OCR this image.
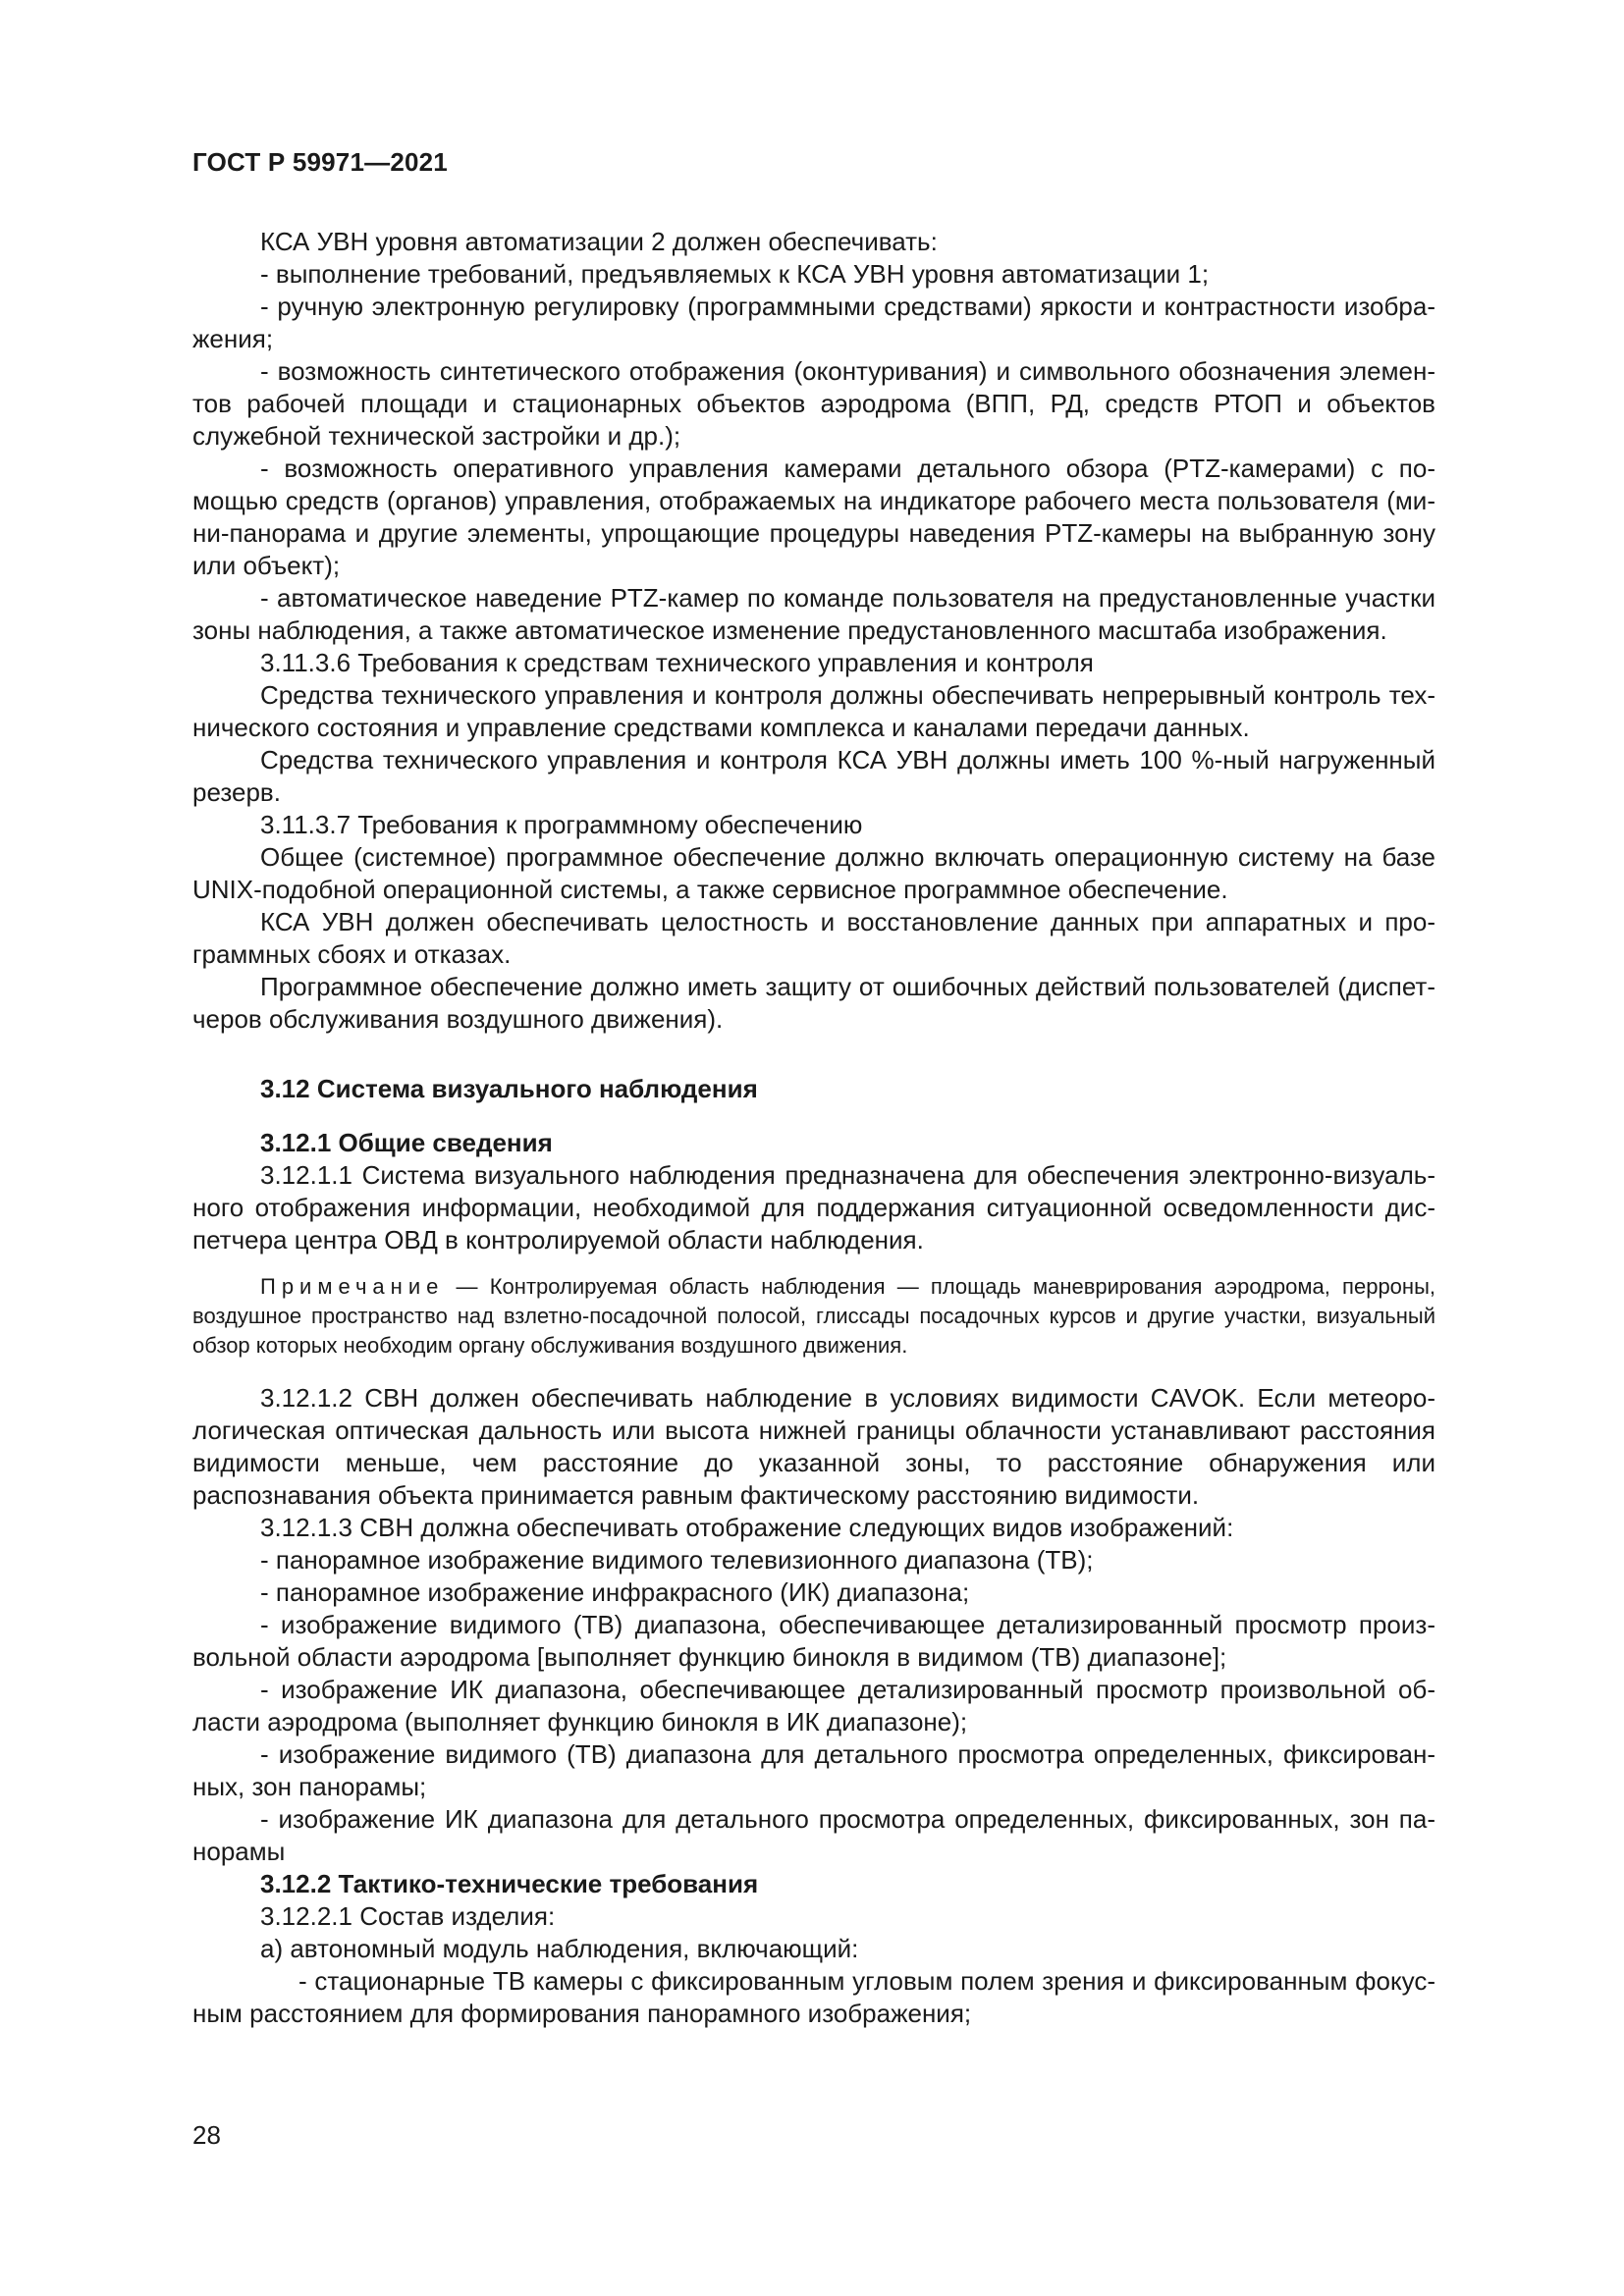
ГОСТ Р 59971—2021

КСА УВН уровня автоматизации 2 должен обеспечивать:

- выполнение требований, предъявляемых к КСА УВН уровня автоматизации 1;

- ручную электронную регулировку (программными средствами) яркости и контрастности изображения;

- возможность синтетического отображения (оконтуривания) и символьного обозначения элементов рабочей площади и стационарных объектов аэродрома (ВПП, РД, средств РТОП и объектов служебной технической застройки и др.);

- возможность оперативного управления камерами детального обзора (PTZ-камерами) с помощью средств (органов) управления, отображаемых на индикаторе рабочего места пользователя (мини-панорама и другие элементы, упрощающие процедуры наведения PTZ-камеры на выбранную зону или объект);

- автоматическое наведение PTZ-камер по команде пользователя на предустановленные участки зоны наблюдения, а также автоматическое изменение предустановленного масштаба изображения.

3.11.3.6 Требования к средствам технического управления и контроля

Средства технического управления и контроля должны обеспечивать непрерывный контроль технического состояния и управление средствами комплекса и каналами передачи данных.

Средства технического управления и контроля КСА УВН должны иметь 100 %-ный нагруженный резерв.

3.11.3.7 Требования к программному обеспечению

Общее (системное) программное обеспечение должно включать операционную систему на базе UNIX-подобной операционной системы, а также сервисное программное обеспечение.

КСА УВН должен обеспечивать целостность и восстановление данных при аппаратных и программных сбоях и отказах.

Программное обеспечение должно иметь защиту от ошибочных действий пользователей (диспетчеров обслуживания воздушного движения).

3.12 Система визуального наблюдения
3.12.1 Общие сведения

3.12.1.1 Система визуального наблюдения предназначена для обеспечения электронно-визуального отображения информации, необходимой для поддержания ситуационной осведомленности диспетчера центра ОВД в контролируемой области наблюдения.

Примечание — Контролируемая область наблюдения — площадь маневрирования аэродрома, перроны, воздушное пространство над взлетно-посадочной полосой, глиссады посадочных курсов и другие участки, визуальный обзор которых необходим органу обслуживания воздушного движения.

3.12.1.2 СВН должен обеспечивать наблюдение в условиях видимости CAVOK. Если метеорологическая оптическая дальность или высота нижней границы облачности устанавливают расстояния видимости меньше, чем расстояние до указанной зоны, то расстояние обнаружения или распознавания объекта принимается равным фактическому расстоянию видимости.

3.12.1.3 СВН должна обеспечивать отображение следующих видов изображений:

- панорамное изображение видимого телевизионного диапазона (ТВ);

- панорамное изображение инфракрасного (ИК) диапазона;

- изображение видимого (ТВ) диапазона, обеспечивающее детализированный просмотр произвольной области аэродрома [выполняет функцию бинокля в видимом (ТВ) диапазоне];

- изображение ИК диапазона, обеспечивающее детализированный просмотр произвольной области аэродрома (выполняет функцию бинокля в ИК диапазоне);

- изображение видимого (ТВ) диапазона для детального просмотра определенных, фиксированных, зон панорамы;

- изображение ИК диапазона для детального просмотра определенных, фиксированных, зон панорамы

3.12.2 Тактико-технические требования

3.12.2.1 Состав изделия:

а) автономный модуль наблюдения, включающий:

- стационарные ТВ камеры с фиксированным угловым полем зрения и фиксированным фокусным расстоянием для формирования панорамного изображения;

28
